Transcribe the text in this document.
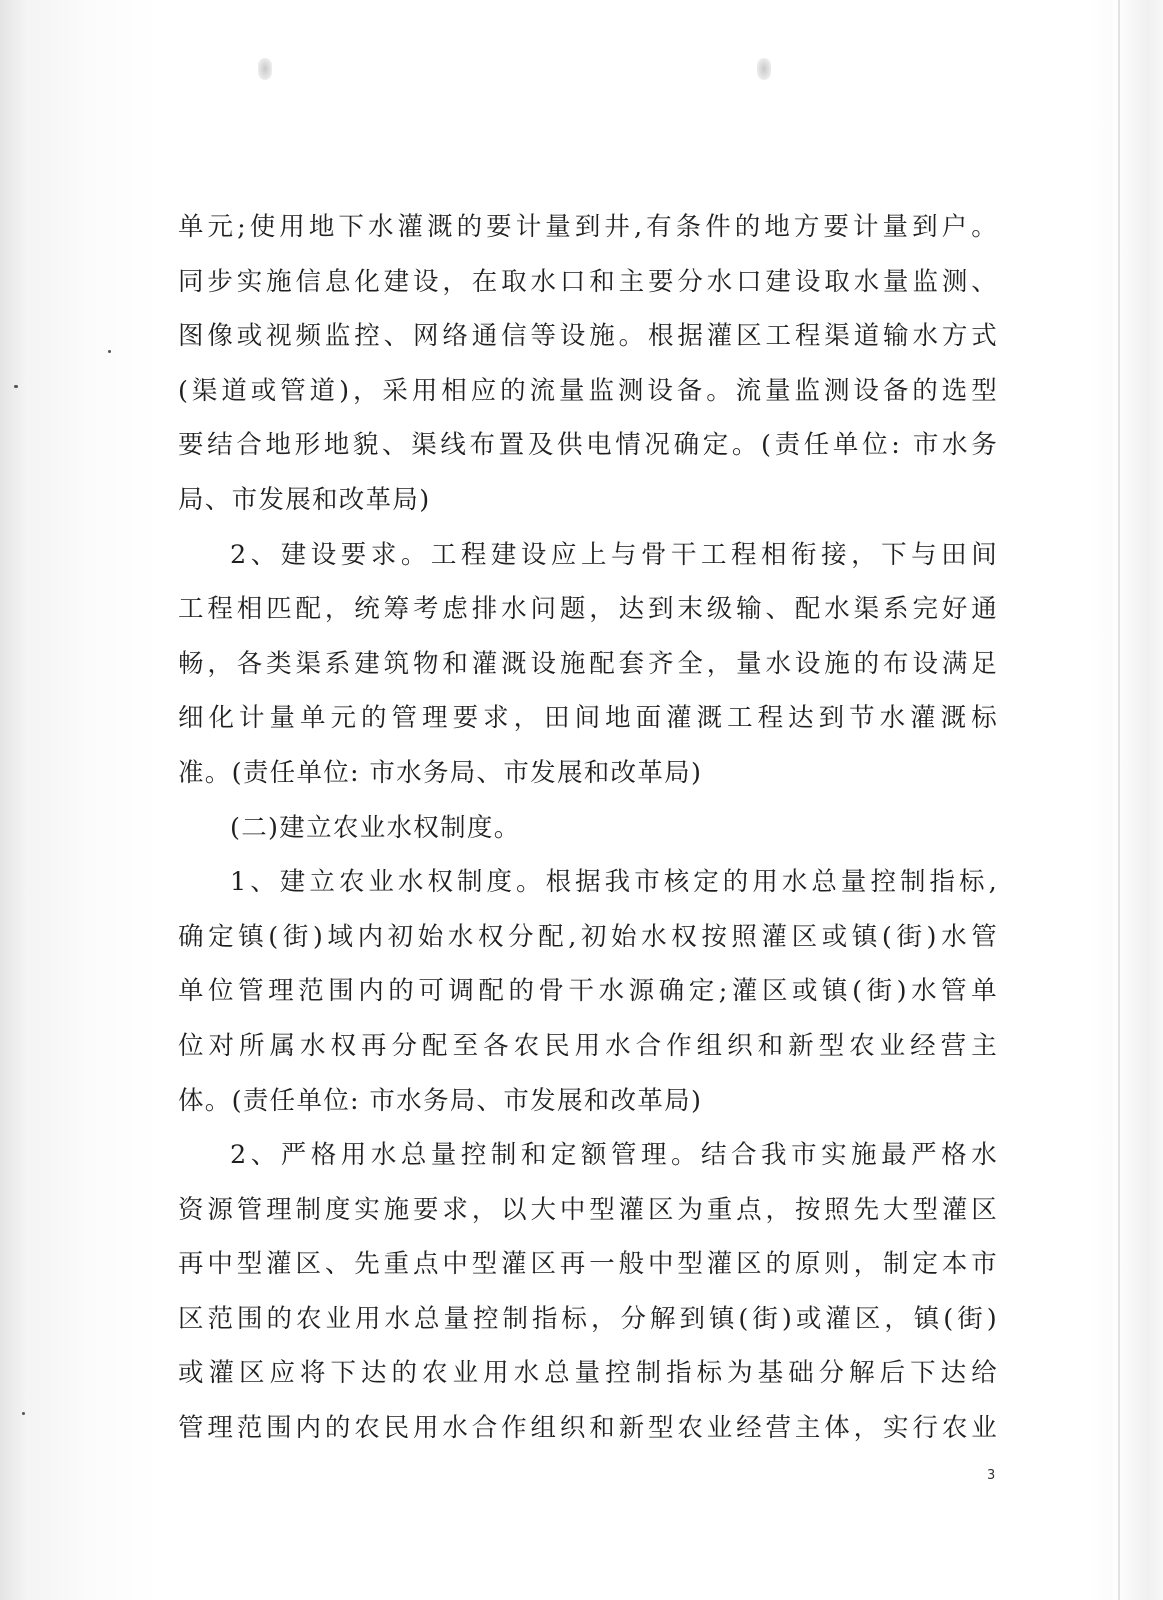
单元;使用地下水灌溉的要计量到井,有条件的地方要计量到户。
同步实施信息化建设，在取水口和主要分水口建设取水量监测、
图像或视频监控、网络通信等设施。根据灌区工程渠道输水方式
(渠道或管道)，采用相应的流量监测设备。流量监测设备的选型
要结合地形地貌、渠线布置及供电情况确定。(责任单位: 市水务
局、市发展和改革局)
2、建设要求。工程建设应上与骨干工程相衔接，下与田间
工程相匹配，统筹考虑排水问题，达到末级输、配水渠系完好通
畅，各类渠系建筑物和灌溉设施配套齐全，量水设施的布设满足
细化计量单元的管理要求，田间地面灌溉工程达到节水灌溉标
准。(责任单位: 市水务局、市发展和改革局)
(二)建立农业水权制度。
1、建立农业水权制度。根据我市核定的用水总量控制指标,
确定镇(街)域内初始水权分配,初始水权按照灌区或镇(街)水管
单位管理范围内的可调配的骨干水源确定;灌区或镇(街)水管单
位对所属水权再分配至各农民用水合作组织和新型农业经营主
体。(责任单位: 市水务局、市发展和改革局)
2、严格用水总量控制和定额管理。结合我市实施最严格水
资源管理制度实施要求，以大中型灌区为重点，按照先大型灌区
再中型灌区、先重点中型灌区再一般中型灌区的原则，制定本市
区范围的农业用水总量控制指标，分解到镇(街)或灌区，镇(街)
或灌区应将下达的农业用水总量控制指标为基础分解后下达给
管理范围内的农民用水合作组织和新型农业经营主体，实行农业
3
